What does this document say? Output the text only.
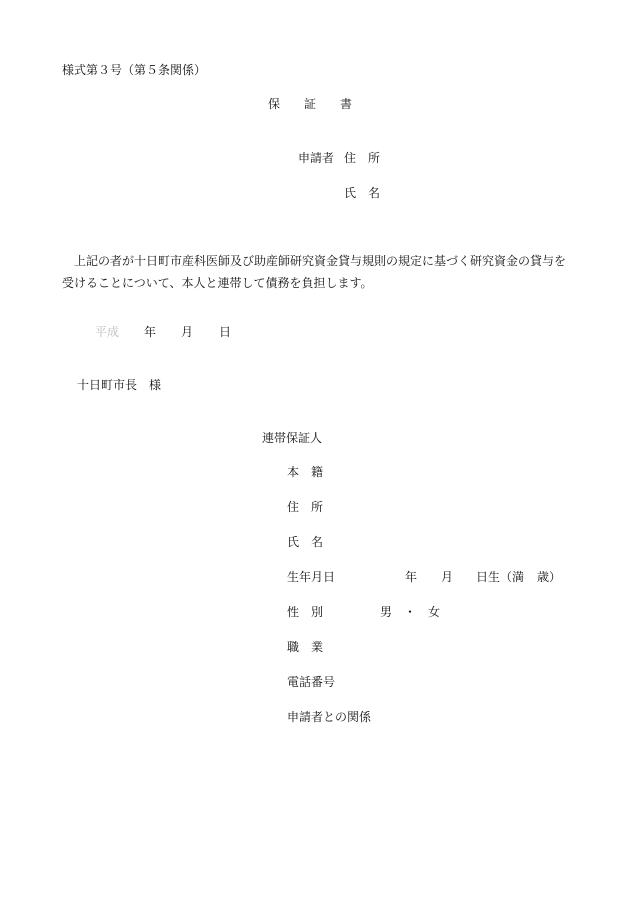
様式第３号（第５条関係）
保　　証　　書
申請者 住　所
氏　名
上記の者が十日町市産科医師及び助産師研究資金貸与規則の規定に基づく研究資金の貸与を受けることについて、本人と連帯して債務を負担します。
平成 年 月 日
十日町市長　様
連帯保証人
本　籍
住　所
氏　名
生年月日	年 月 日生（満 歳）
性　別	男　・　女
職　業
電話番号
申請者との関係
